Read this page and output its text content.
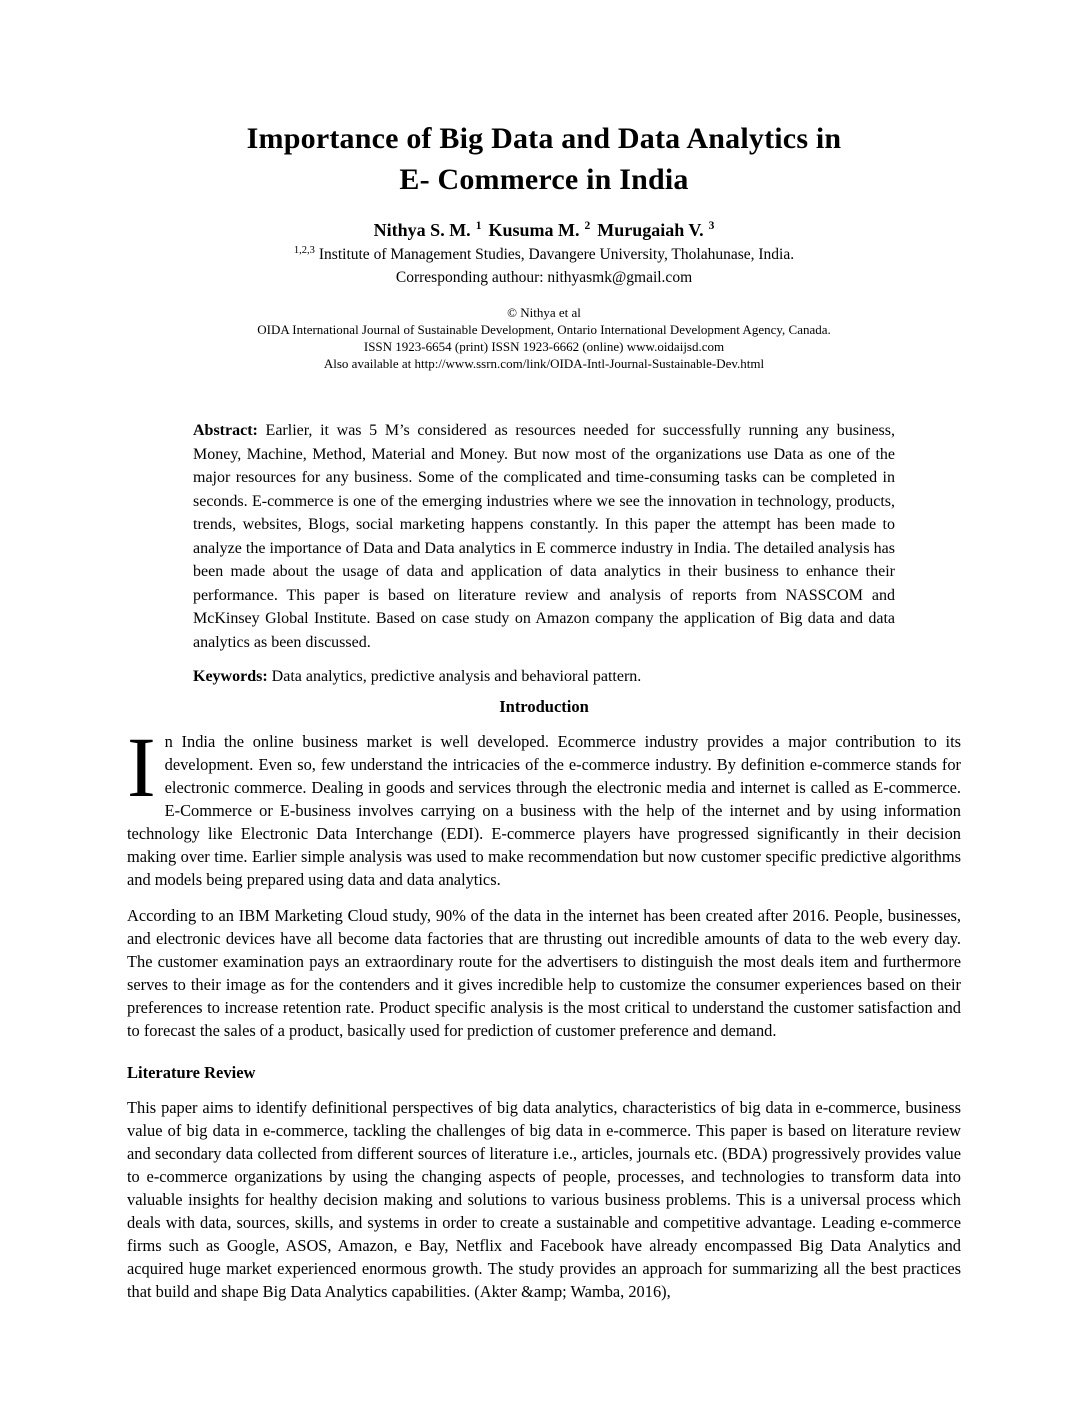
Importance of Big Data and Data Analytics in
E- Commerce in India
Nithya S. M. $^1$ Kusuma M. $^2$ Murugaiah V. $^3$
$^{1,2,3}$ Institute of Management Studies, Davangere University, Tholahunase, India.
Corresponding authour: nithyasmk@gmail.com
© Nithya et al
OIDA International Journal of Sustainable Development, Ontario International Development Agency, Canada.
ISSN 1923-6654 (print) ISSN 1923-6662 (online) www.oidaijsd.com
Also available at http://www.ssrn.com/link/OIDA-Intl-Journal-Sustainable-Dev.html
Abstract: Earlier, it was 5 M’s considered as resources needed for successfully running any business, Money, Machine, Method, Material and Money. But now most of the organizations use Data as one of the major resources for any business. Some of the complicated and time-consuming tasks can be completed in seconds. E-commerce is one of the emerging industries where we see the innovation in technology, products, trends, websites, Blogs, social marketing happens constantly. In this paper the attempt has been made to analyze the importance of Data and Data analytics in E commerce industry in India. The detailed analysis has been made about the usage of data and application of data analytics in their business to enhance their performance. This paper is based on literature review and analysis of reports from NASSCOM and McKinsey Global Institute. Based on case study on Amazon company the application of Big data and data analytics as been discussed.
Keywords: Data analytics, predictive analysis and behavioral pattern.
Introduction
In India the online business market is well developed. Ecommerce industry provides a major contribution to its development. Even so, few understand the intricacies of the e-commerce industry. By definition e-commerce stands for electronic commerce. Dealing in goods and services through the electronic media and internet is called as E-commerce. E-Commerce or E-business involves carrying on a business with the help of the internet and by using information technology like Electronic Data Interchange (EDI). E-commerce players have progressed significantly in their decision making over time. Earlier simple analysis was used to make recommendation but now customer specific predictive algorithms and models being prepared using data and data analytics.
According to an IBM Marketing Cloud study, 90% of the data in the internet has been created after 2016. People, businesses, and electronic devices have all become data factories that are thrusting out incredible amounts of data to the web every day. The customer examination pays an extraordinary route for the advertisers to distinguish the most deals item and furthermore serves to their image as for the contenders and it gives incredible help to customize the consumer experiences based on their preferences to increase retention rate. Product specific analysis is the most critical to understand the customer satisfaction and to forecast the sales of a product, basically used for prediction of customer preference and demand.
Literature Review
This paper aims to identify definitional perspectives of big data analytics, characteristics of big data in e-commerce, business value of big data in e-commerce, tackling the challenges of big data in e-commerce. This paper is based on literature review and secondary data collected from different sources of literature i.e., articles, journals etc. (BDA) progressively provides value to e-commerce organizations by using the changing aspects of people, processes, and technologies to transform data into valuable insights for healthy decision making and solutions to various business problems. This is a universal process which deals with data, sources, skills, and systems in order to create a sustainable and competitive advantage. Leading e-commerce firms such as Google, ASOS, Amazon, e Bay, Netflix and Facebook have already encompassed Big Data Analytics and acquired huge market experienced enormous growth. The study provides an approach for summarizing all the best practices that build and shape Big Data Analytics capabilities. (Akter &amp; Wamba, 2016),
